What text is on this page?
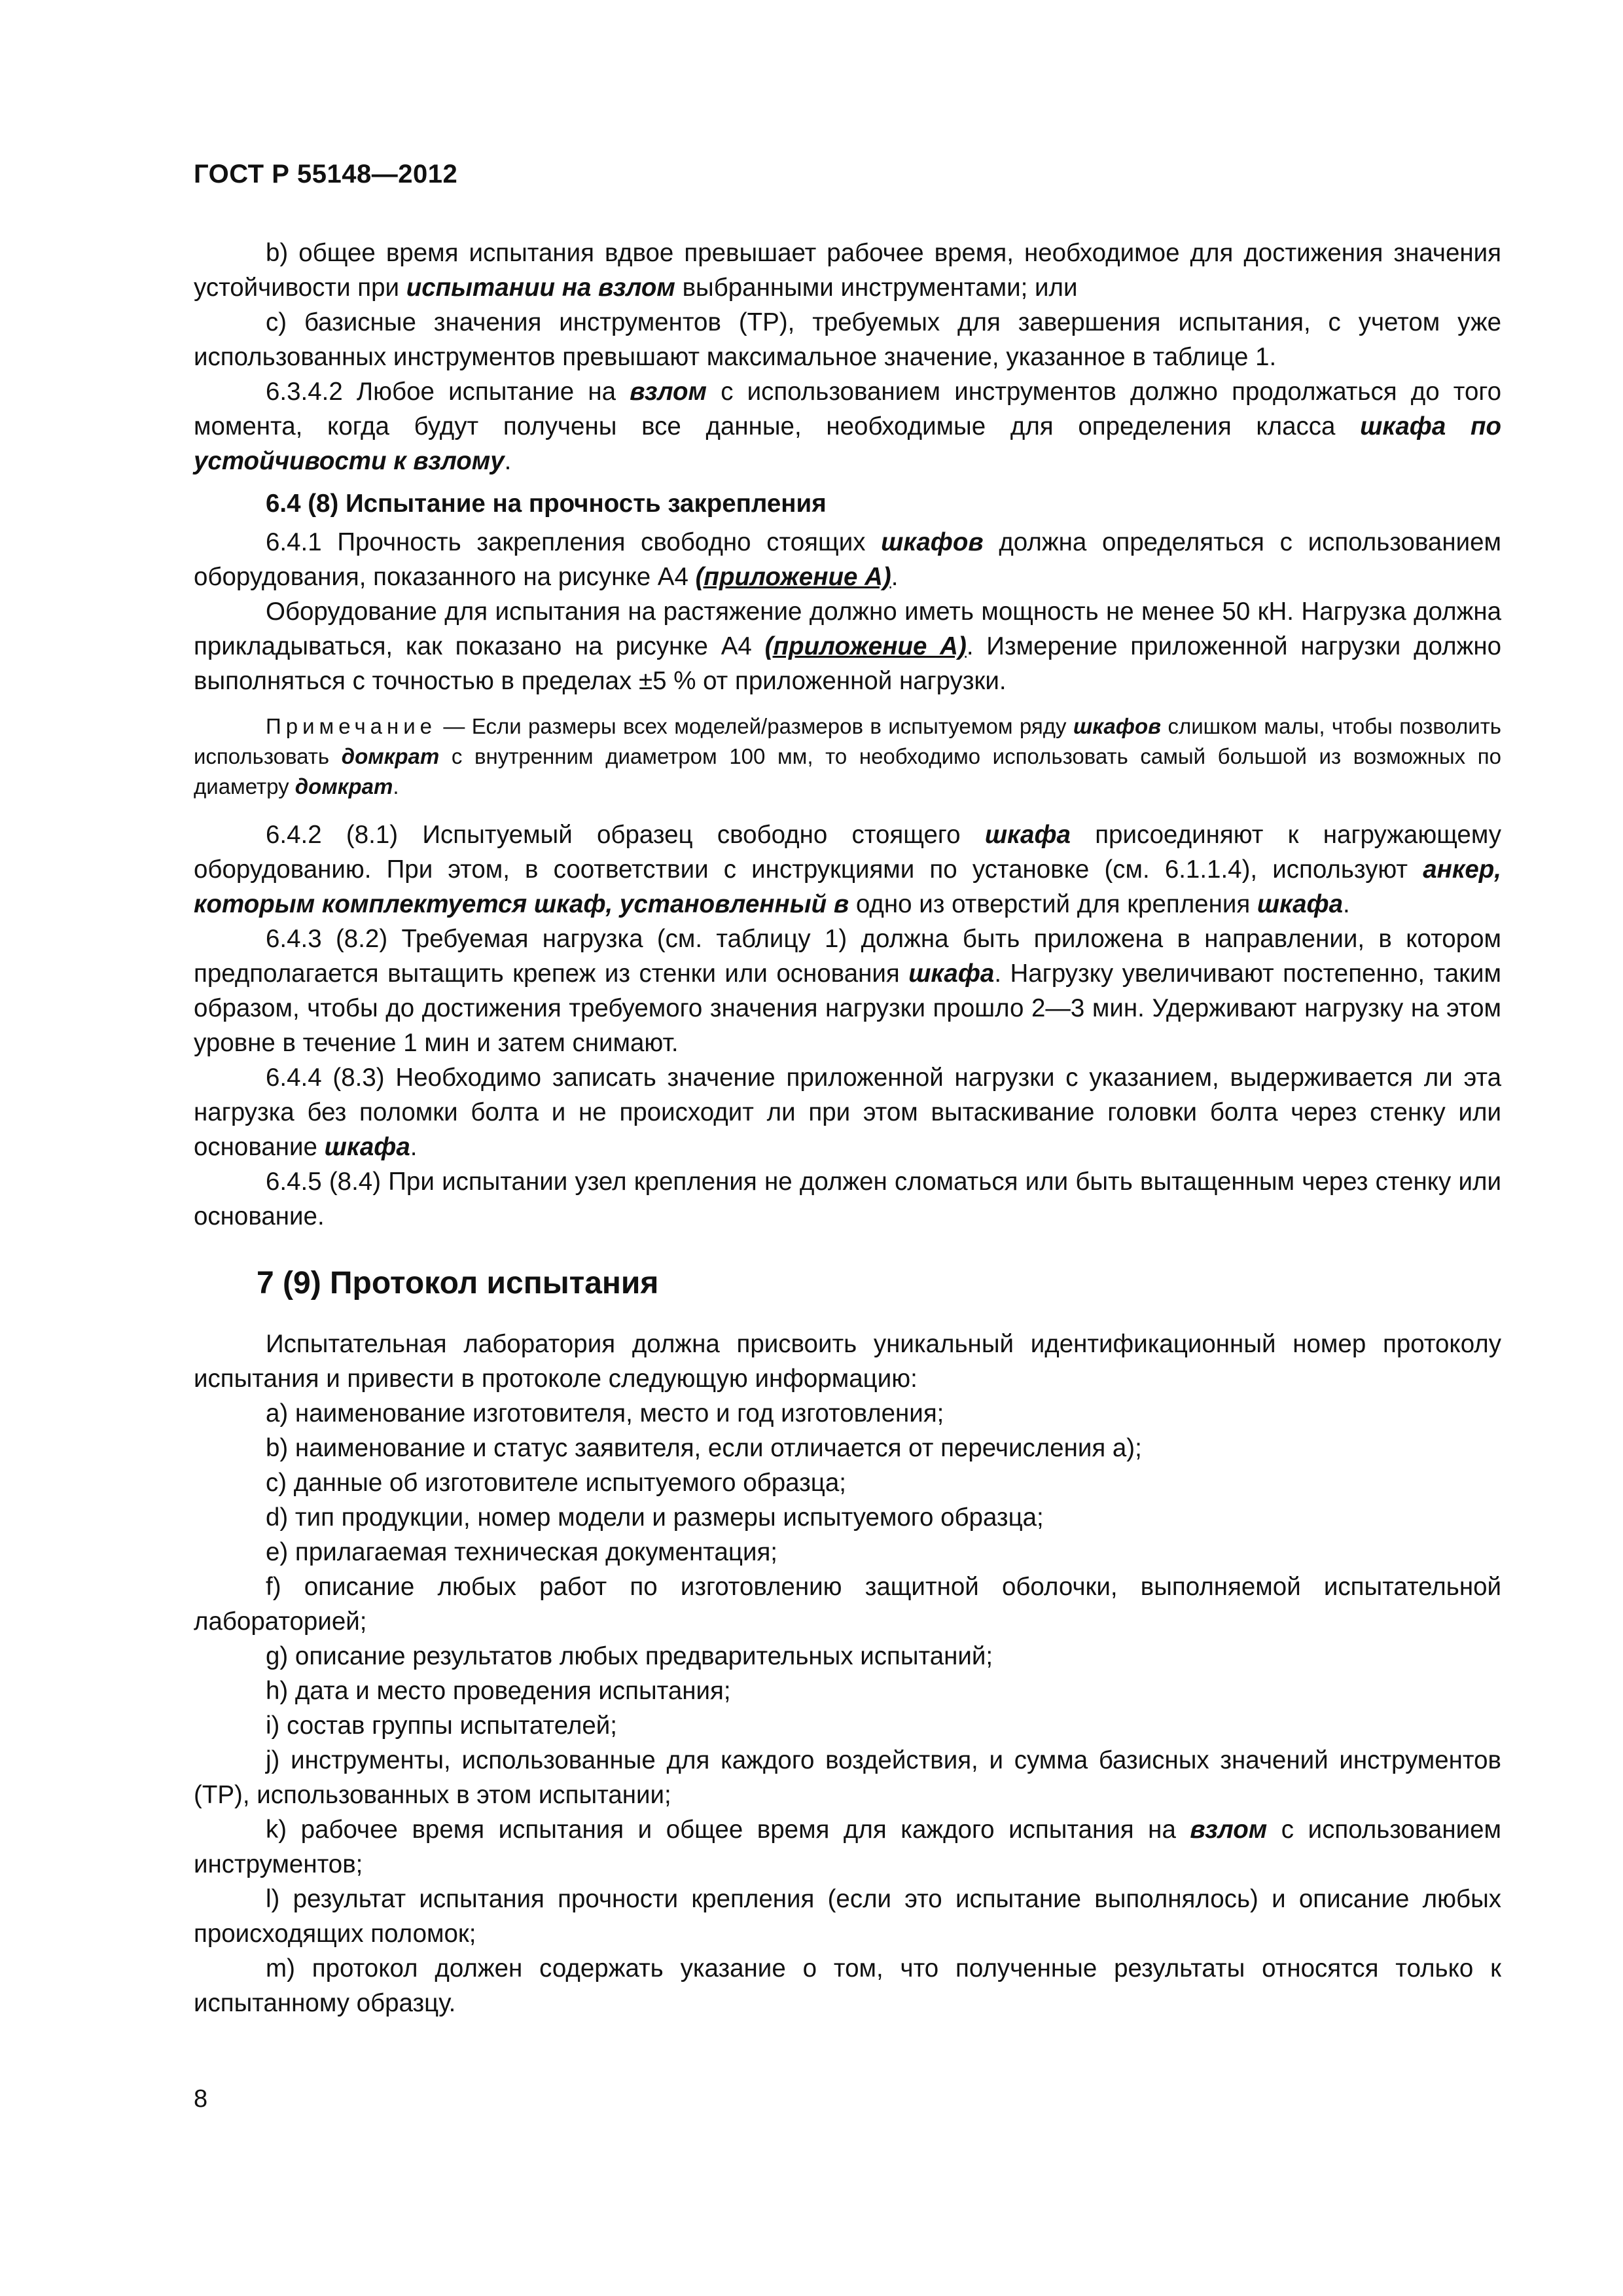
ГОСТ Р 55148—2012

b) общее время испытания вдвое превышает рабочее время, необходимое для достижения значения устойчивости при испытании на взлом выбранными инструментами; или

c) базисные значения инструментов (TP), требуемых для завершения испытания, с учетом уже использованных инструментов превышают максимальное значение, указанное в таблице 1.

6.3.4.2 Любое испытание на взлом с использованием инструментов должно продолжаться до того момента, когда будут получены все данные, необходимые для определения класса шкафа по устойчивости к взлому.

6.4 (8) Испытание на прочность закрепления

6.4.1 Прочность закрепления свободно стоящих шкафов должна определяться с использованием оборудования, показанного на рисунке А4 (приложение А).

Оборудование для испытания на растяжение должно иметь мощность не менее 50 кН. Нагрузка должна прикладываться, как показано на рисунке А4 (приложение А). Измерение приложенной нагрузки должно выполняться с точностью в пределах ±5 % от приложенной нагрузки.

Примечание — Если размеры всех моделей/размеров в испытуемом ряду шкафов слишком малы, чтобы позволить использовать домкрат с внутренним диаметром 100 мм, то необходимо использовать самый большой из возможных по диаметру домкрат.

6.4.2 (8.1) Испытуемый образец свободно стоящего шкафа присоединяют к нагружающему оборудованию. При этом, в соответствии с инструкциями по установке (см. 6.1.1.4), используют анкер, которым комплектуется шкаф, установленный в одно из отверстий для крепления шкафа.

6.4.3 (8.2) Требуемая нагрузка (см. таблицу 1) должна быть приложена в направлении, в котором предполагается вытащить крепеж из стенки или основания шкафа. Нагрузку увеличивают постепенно, таким образом, чтобы до достижения требуемого значения нагрузки прошло 2—3 мин. Удерживают нагрузку на этом уровне в течение 1 мин и затем снимают.

6.4.4 (8.3) Необходимо записать значение приложенной нагрузки с указанием, выдерживается ли эта нагрузка без поломки болта и не происходит ли при этом вытаскивание головки болта через стенку или основание шкафа.

6.4.5 (8.4) При испытании узел крепления не должен сломаться или быть вытащенным через стенку или основание.

7 (9) Протокол испытания

Испытательная лаборатория должна присвоить уникальный идентификационный номер протоколу испытания и привести в протоколе следующую информацию:

a) наименование изготовителя, место и год изготовления;

b) наименование и статус заявителя, если отличается от перечисления а);

c) данные об изготовителе испытуемого образца;

d) тип продукции, номер модели и размеры испытуемого образца;

e) прилагаемая техническая документация;

f) описание любых работ по изготовлению защитной оболочки, выполняемой испытательной лабораторией;

g) описание результатов любых предварительных испытаний;

h) дата и место проведения испытания;

i) состав группы испытателей;

j) инструменты, использованные для каждого воздействия, и сумма базисных значений инструментов (TP), использованных в этом испытании;

k) рабочее время испытания и общее время для каждого испытания на взлом с использованием инструментов;

l) результат испытания прочности крепления (если это испытание выполнялось) и описание любых происходящих поломок;

m) протокол должен содержать указание о том, что полученные результаты относятся только к испытанному образцу.

8
